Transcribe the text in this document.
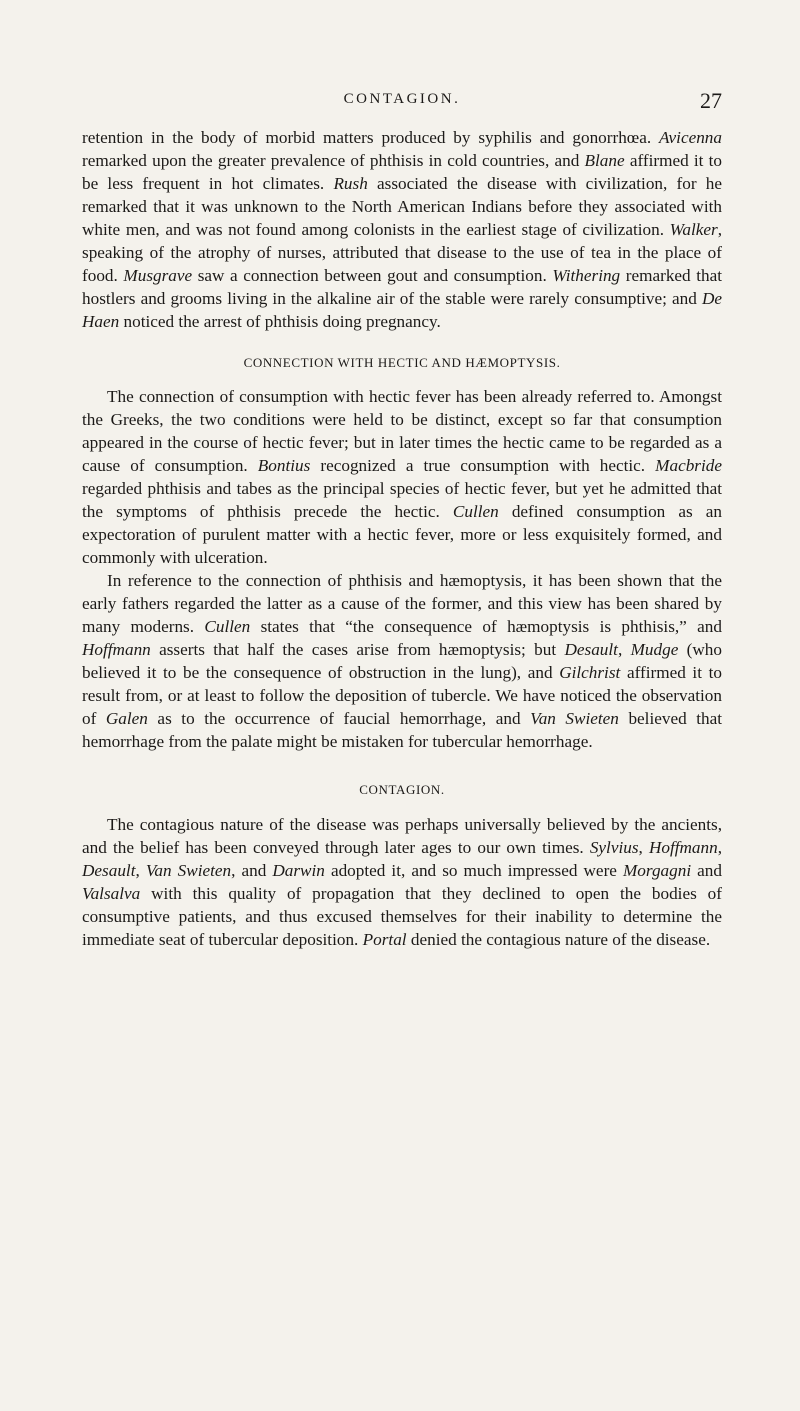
CONTAGION.	27

retention in the body of morbid matters produced by syphilis and gonorrhœa. Avicenna remarked upon the greater prevalence of phthisis in cold countries, and Blane affirmed it to be less frequent in hot climates. Rush associated the disease with civilization, for he remarked that it was unknown to the North American Indians before they associated with white men, and was not found among colonists in the earliest stage of civilization. Walker, speaking of the atrophy of nurses, attributed that disease to the use of tea in the place of food. Musgrave saw a connection between gout and consumption. Withering remarked that hostlers and grooms living in the alkaline air of the stable were rarely consumptive; and De Haen noticed the arrest of phthisis doing pregnancy.

CONNECTION WITH HECTIC AND HÆMOPTYSIS.

The connection of consumption with hectic fever has been already referred to. Amongst the Greeks, the two conditions were held to be distinct, except so far that consumption appeared in the course of hectic fever; but in later times the hectic came to be regarded as a cause of consumption. Bontius recognized a true consumption with hectic. Macbride regarded phthisis and tabes as the principal species of hectic fever, but yet he admitted that the symptoms of phthisis precede the hectic. Cullen defined consumption as an expectoration of purulent matter with a hectic fever, more or less exquisitely formed, and commonly with ulceration.

In reference to the connection of phthisis and hæmoptysis, it has been shown that the early fathers regarded the latter as a cause of the former, and this view has been shared by many moderns. Cullen states that “the consequence of hæmoptysis is phthisis,” and Hoffmann asserts that half the cases arise from hæmoptysis; but Desault, Mudge (who believed it to be the consequence of obstruction in the lung), and Gilchrist affirmed it to result from, or at least to follow the deposition of tubercle. We have noticed the observation of Galen as to the occurrence of faucial hemorrhage, and Van Swieten believed that hemorrhage from the palate might be mistaken for tubercular hemorrhage.

CONTAGION.

The contagious nature of the disease was perhaps universally believed by the ancients, and the belief has been conveyed through later ages to our own times. Sylvius, Hoffmann, Desault, Van Swieten, and Darwin adopted it, and so much impressed were Morgagni and Valsalva with this quality of propagation that they declined to open the bodies of consumptive patients, and thus excused themselves for their inability to determine the immediate seat of tubercular deposition. Portal denied the contagious nature of the disease.
